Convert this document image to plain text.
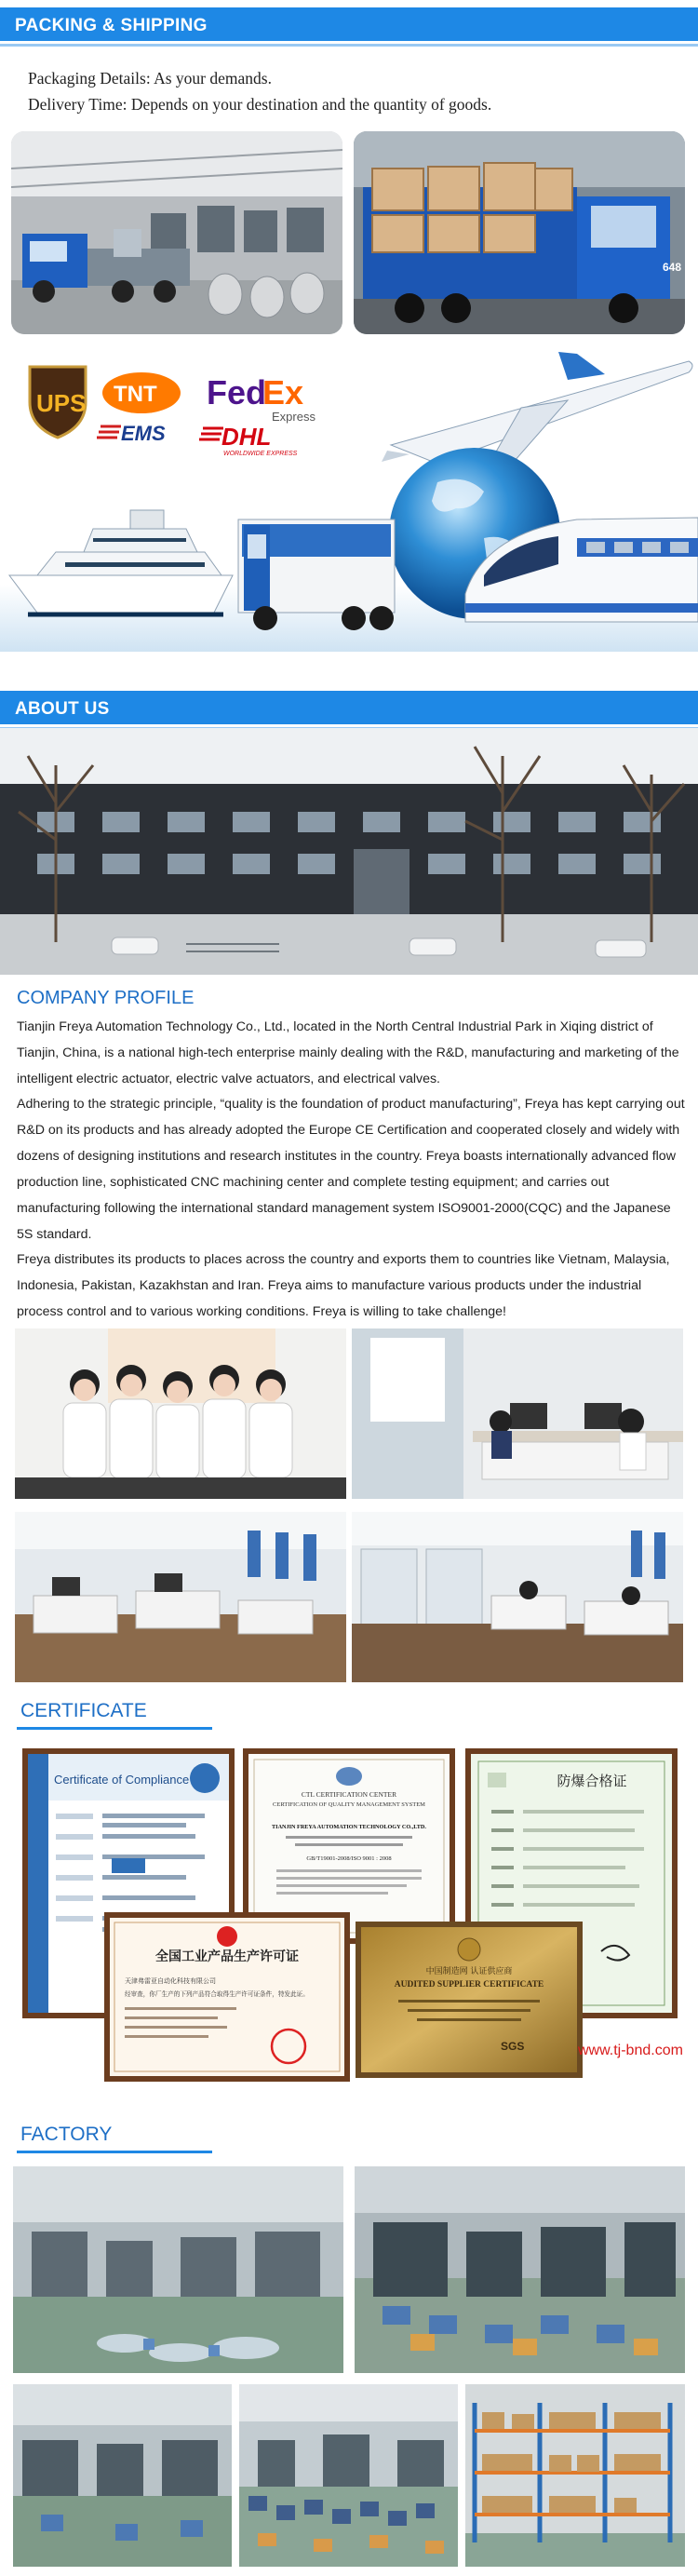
PACKING & SHIPPING
Packaging Details: As your demands.
Delivery Time: Depends on your destination and the quantity of goods.
648
UPS TNT
EMS
Fed
Ex
Express
DHL
WORLDWIDE EXPRESS
ABOUT US
COMPANY PROFILE

Tianjin Freya Automation Technology Co., Ltd., located in the North Central Industrial Park in Xiqing district of Tianjin, China, is a national high-tech enterprise mainly dealing with the R&D, manufacturing and marketing of the intelligent electric actuator, electric valve actuators, and electrical valves.

Adhering to the strategic principle, “quality is the foundation of product manufacturing”, Freya has kept carrying out R&D on its products and has already adopted the Europe CE Certification and cooperated closely and widely with dozens of designing institutions and research institutes in the country. Freya boasts internationally advanced flow production line, sophisticated CNC machining center and complete testing equipment; and carries out manufacturing following the international standard management system ISO9001-2000(CQC) and the Japanese 5S standard.

Freya distributes its products to places across the country and exports them to countries like Vietnam, Malaysia, Indonesia, Pakistan, Kazakhstan and Iran. Freya aims to manufacture various products under the industrial process control and to various working conditions. Freya is willing to take challenge!

CERTIFICATE
Certificate of Compliance
CTL CERTIFICATION CENTER
CERTIFICATION OF QUALITY MANAGEMENT SYSTEM
TIANJIN FREYA AUTOMATION TECHNOLOGY CO.,LTD.
GB/T19001-2008/ISO 9001 : 2008
防爆合格证
全国工业产品生产许可证
天津弗雷亚自动化科技有限公司
经审查，你厂生产的下列产品符合取得生产许可证条件，特发此证。
中国制造网 认证供应商
AUDITED SUPPLIER CERTIFICATE
SGS	www.tj-bnd.com
FACTORY
